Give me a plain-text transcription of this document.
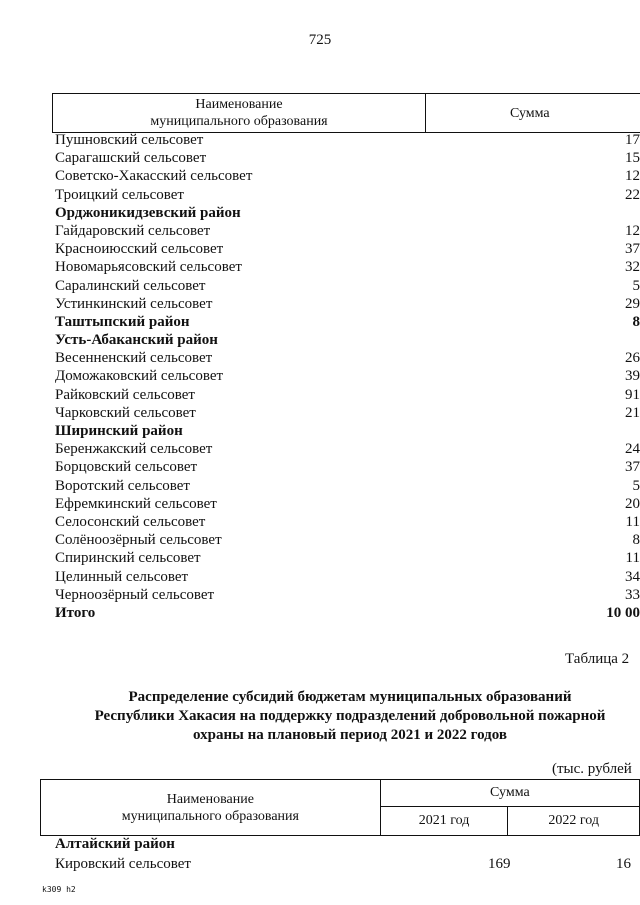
725
Наименование
муниципального образования
	Сумма
Пушновский сельсовет	17
Сарагашский сельсовет	15
Советско-Хакасский сельсовет	12
Троицкий сельсовет	22
Орджоникидзевский район
Гайдаровский сельсовет	12
Красноиюсский сельсовет	37
Новомарьясовский сельсовет	32
Саралинский сельсовет	5
Устинкинский сельсовет	29
Таштыпский район	8
Усть-Абаканский район
Весенненский сельсовет	26
Доможаковский сельсовет	39
Райковский сельсовет	91
Чарковский сельсовет	21
Ширинский район
Беренжакский сельсовет	24
Борцовский сельсовет	37
Воротский сельсовет	5
Ефремкинский сельсовет	20
Селосонский сельсовет	11
Солёноозёрный сельсовет	8
Спиринский сельсовет	11
Целинный сельсовет	34
Черноозёрный сельсовет	33
Итого	10 00
Таблица 2
Распределение субсидий бюджетам муниципальных образований
Республики Хакасия на поддержку подразделений добровольной пожарной
охраны на плановый период 2021 и 2022 годов
(тыс. рублей
Наименование
муниципального образования	Сумма	
	2021 год	2022 год
Алтайский район
Кировский сельсовет	169	16
k309 h2
